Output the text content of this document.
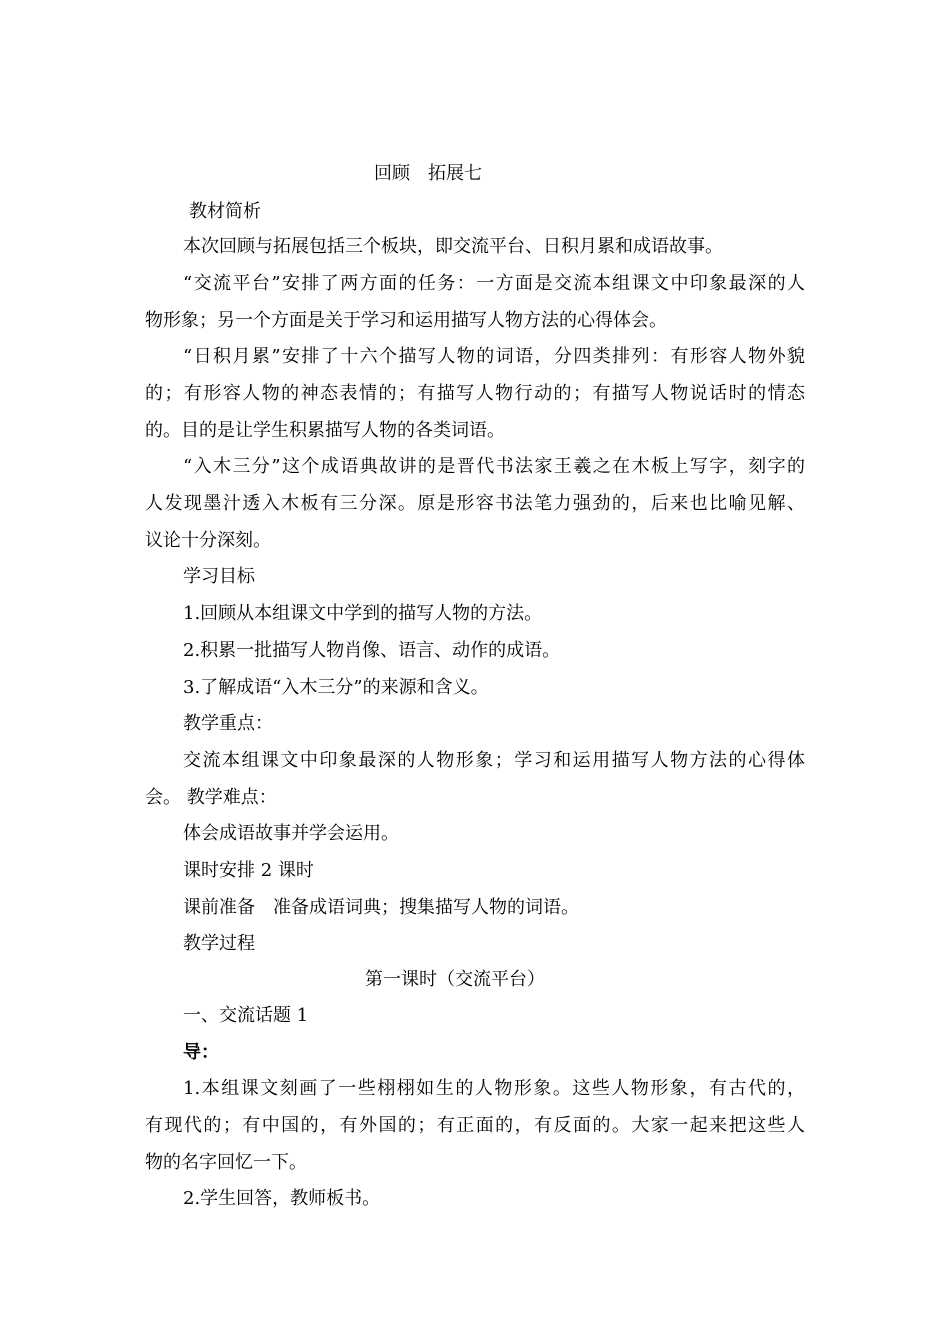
回顾　拓展七
教材简析
本次回顾与拓展包括三个板块，即交流平台、日积月累和成语故事。
“交流平台”安排了两方面的任务：一方面是交流本组课文中印象最深的人
物形象；另一个方面是关于学习和运用描写人物方法的心得体会。
“日积月累”安排了十六个描写人物的词语，分四类排列：有形容人物外貌
的；有形容人物的神态表情的；有描写人物行动的；有描写人物说话时的情态
的。目的是让学生积累描写人物的各类词语。
“入木三分”这个成语典故讲的是晋代书法家王羲之在木板上写字，刻字的
人发现墨汁透入木板有三分深。原是形容书法笔力强劲的，后来也比喻见解、
议论十分深刻。
学习目标
1.回顾从本组课文中学到的描写人物的方法。
2.积累一批描写人物肖像、语言、动作的成语。
3.了解成语“入木三分”的来源和含义。
教学重点：
交流本组课文中印象最深的人物形象；学习和运用描写人物方法的心得体
会。 教学难点：
体会成语故事并学会运用。
课时安排 2 课时
课前准备　准备成语词典；搜集描写人物的词语。
教学过程
第一课时（交流平台）
一、交流话题 1
导：
1.本组课文刻画了一些栩栩如生的人物形象。这些人物形象，有古代的，
有现代的；有中国的，有外国的；有正面的，有反面的。大家一起来把这些人
物的名字回忆一下。
2.学生回答，教师板书。
